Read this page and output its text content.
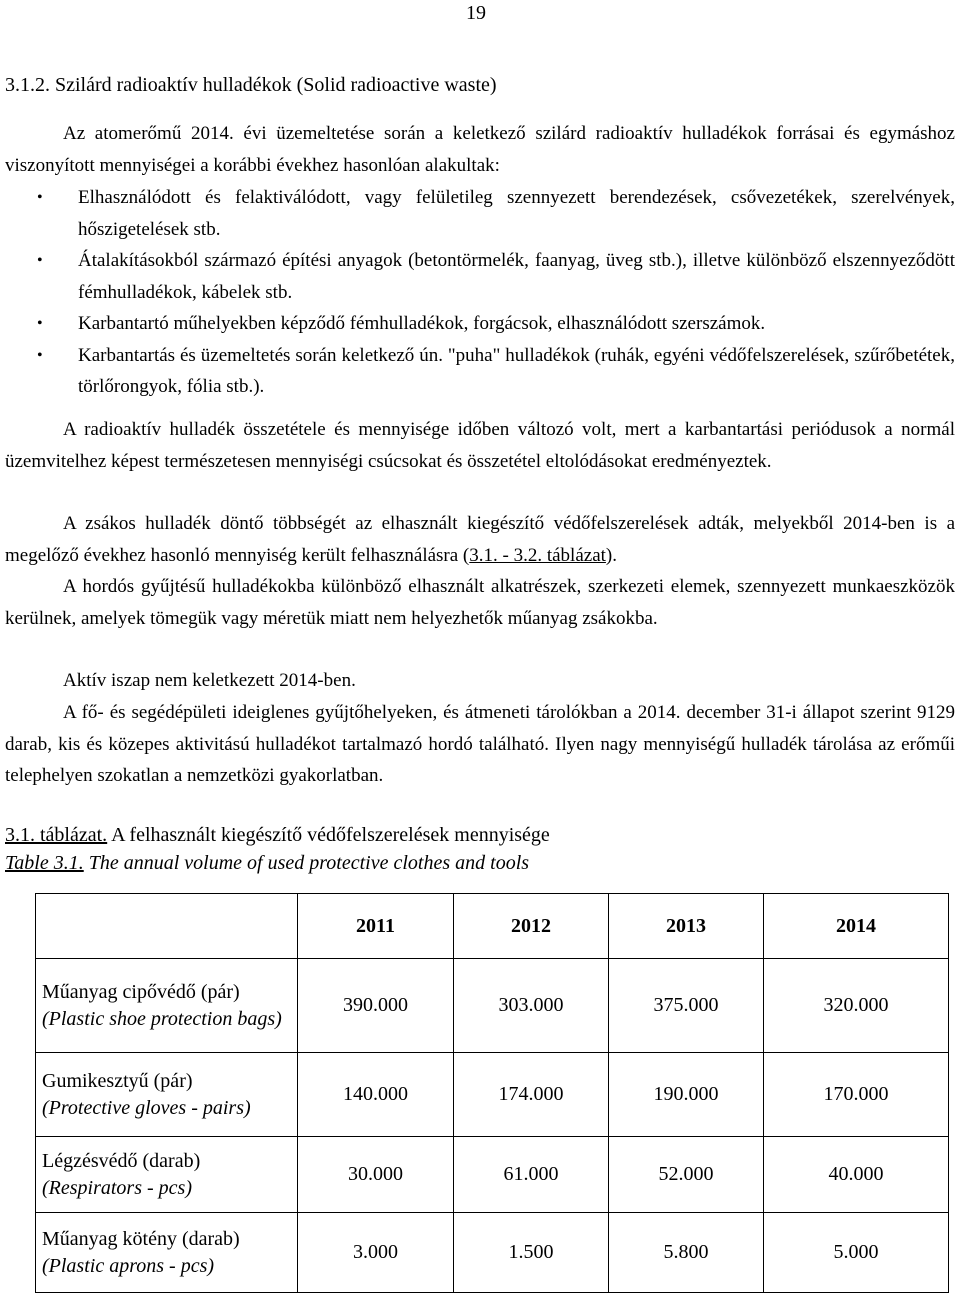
19
3.1.2. Szilárd radioaktív hulladékok (Solid radioactive waste)

Az atomerőmű 2014. évi üzemeltetése során a keletkező szilárd radioaktív hulladékok forrásai és egymáshoz viszonyított mennyiségei a korábbi évekhez hasonlóan alakultak:

• Elhasználódott és felaktiválódott, vagy felületileg szennyezett berendezések, csővezetékek, szerelvények, hőszigetelések stb.
• Átalakításokból származó építési anyagok (betontörmelék, faanyag, üveg stb.), illetve különböző elszennyeződött fémhulladékok, kábelek stb.
• Karbantartó műhelyekben képződő fémhulladékok, forgácsok, elhasználódott szerszámok.
• Karbantartás és üzemeltetés során keletkező ún. "puha" hulladékok (ruhák, egyéni védőfelszerelések, szűrőbetétek, törlőrongyok, fólia stb.).

A radioaktív hulladék összetétele és mennyisége időben változó volt, mert a karbantartási periódusok a normál üzemvitelhez képest természetesen mennyiségi csúcsokat és összetétel eltolódásokat eredményeztek.

A zsákos hulladék döntő többségét az elhasznált kiegészítő védőfelszerelések adták, melyekből 2014-ben is a megelőző évekhez hasonló mennyiség került felhasználásra (3.1. - 3.2. táblázat).

A hordós gyűjtésű hulladékokba különböző elhasznált alkatrészek, szerkezeti elemek, szennyezett munkaeszközök kerülnek, amelyek tömegük vagy méretük miatt nem helyezhetők műanyag zsákokba.

Aktív iszap nem keletkezett 2014-ben.

A fő- és segédépületi ideiglenes gyűjtőhelyeken, és átmeneti tárolókban a 2014. december 31-i állapot szerint 9129 darab, kis és közepes aktivitású hulladékot tartalmazó hordó található. Ilyen nagy mennyiségű hulladék tárolása az erőműi telephelyen szokatlan a nemzetközi gyakorlatban.

3.1. táblázat. A felhasznált kiegészítő védőfelszerelések mennyisége
Table 3.1. The annual volume of used protective clothes and tools
	2011	2012	2013	2014
Műanyag cipővédő (pár)
(Plastic shoe protection bags)	390.000	303.000	375.000	320.000
Gumikesztyű (pár)
(Protective gloves - pairs)	140.000	174.000	190.000	170.000
Légzésvédő (darab)
(Respirators - pcs)	30.000	61.000	52.000	40.000
Műanyag kötény (darab)
(Plastic aprons - pcs)	3.000	1.500	5.800	5.000
